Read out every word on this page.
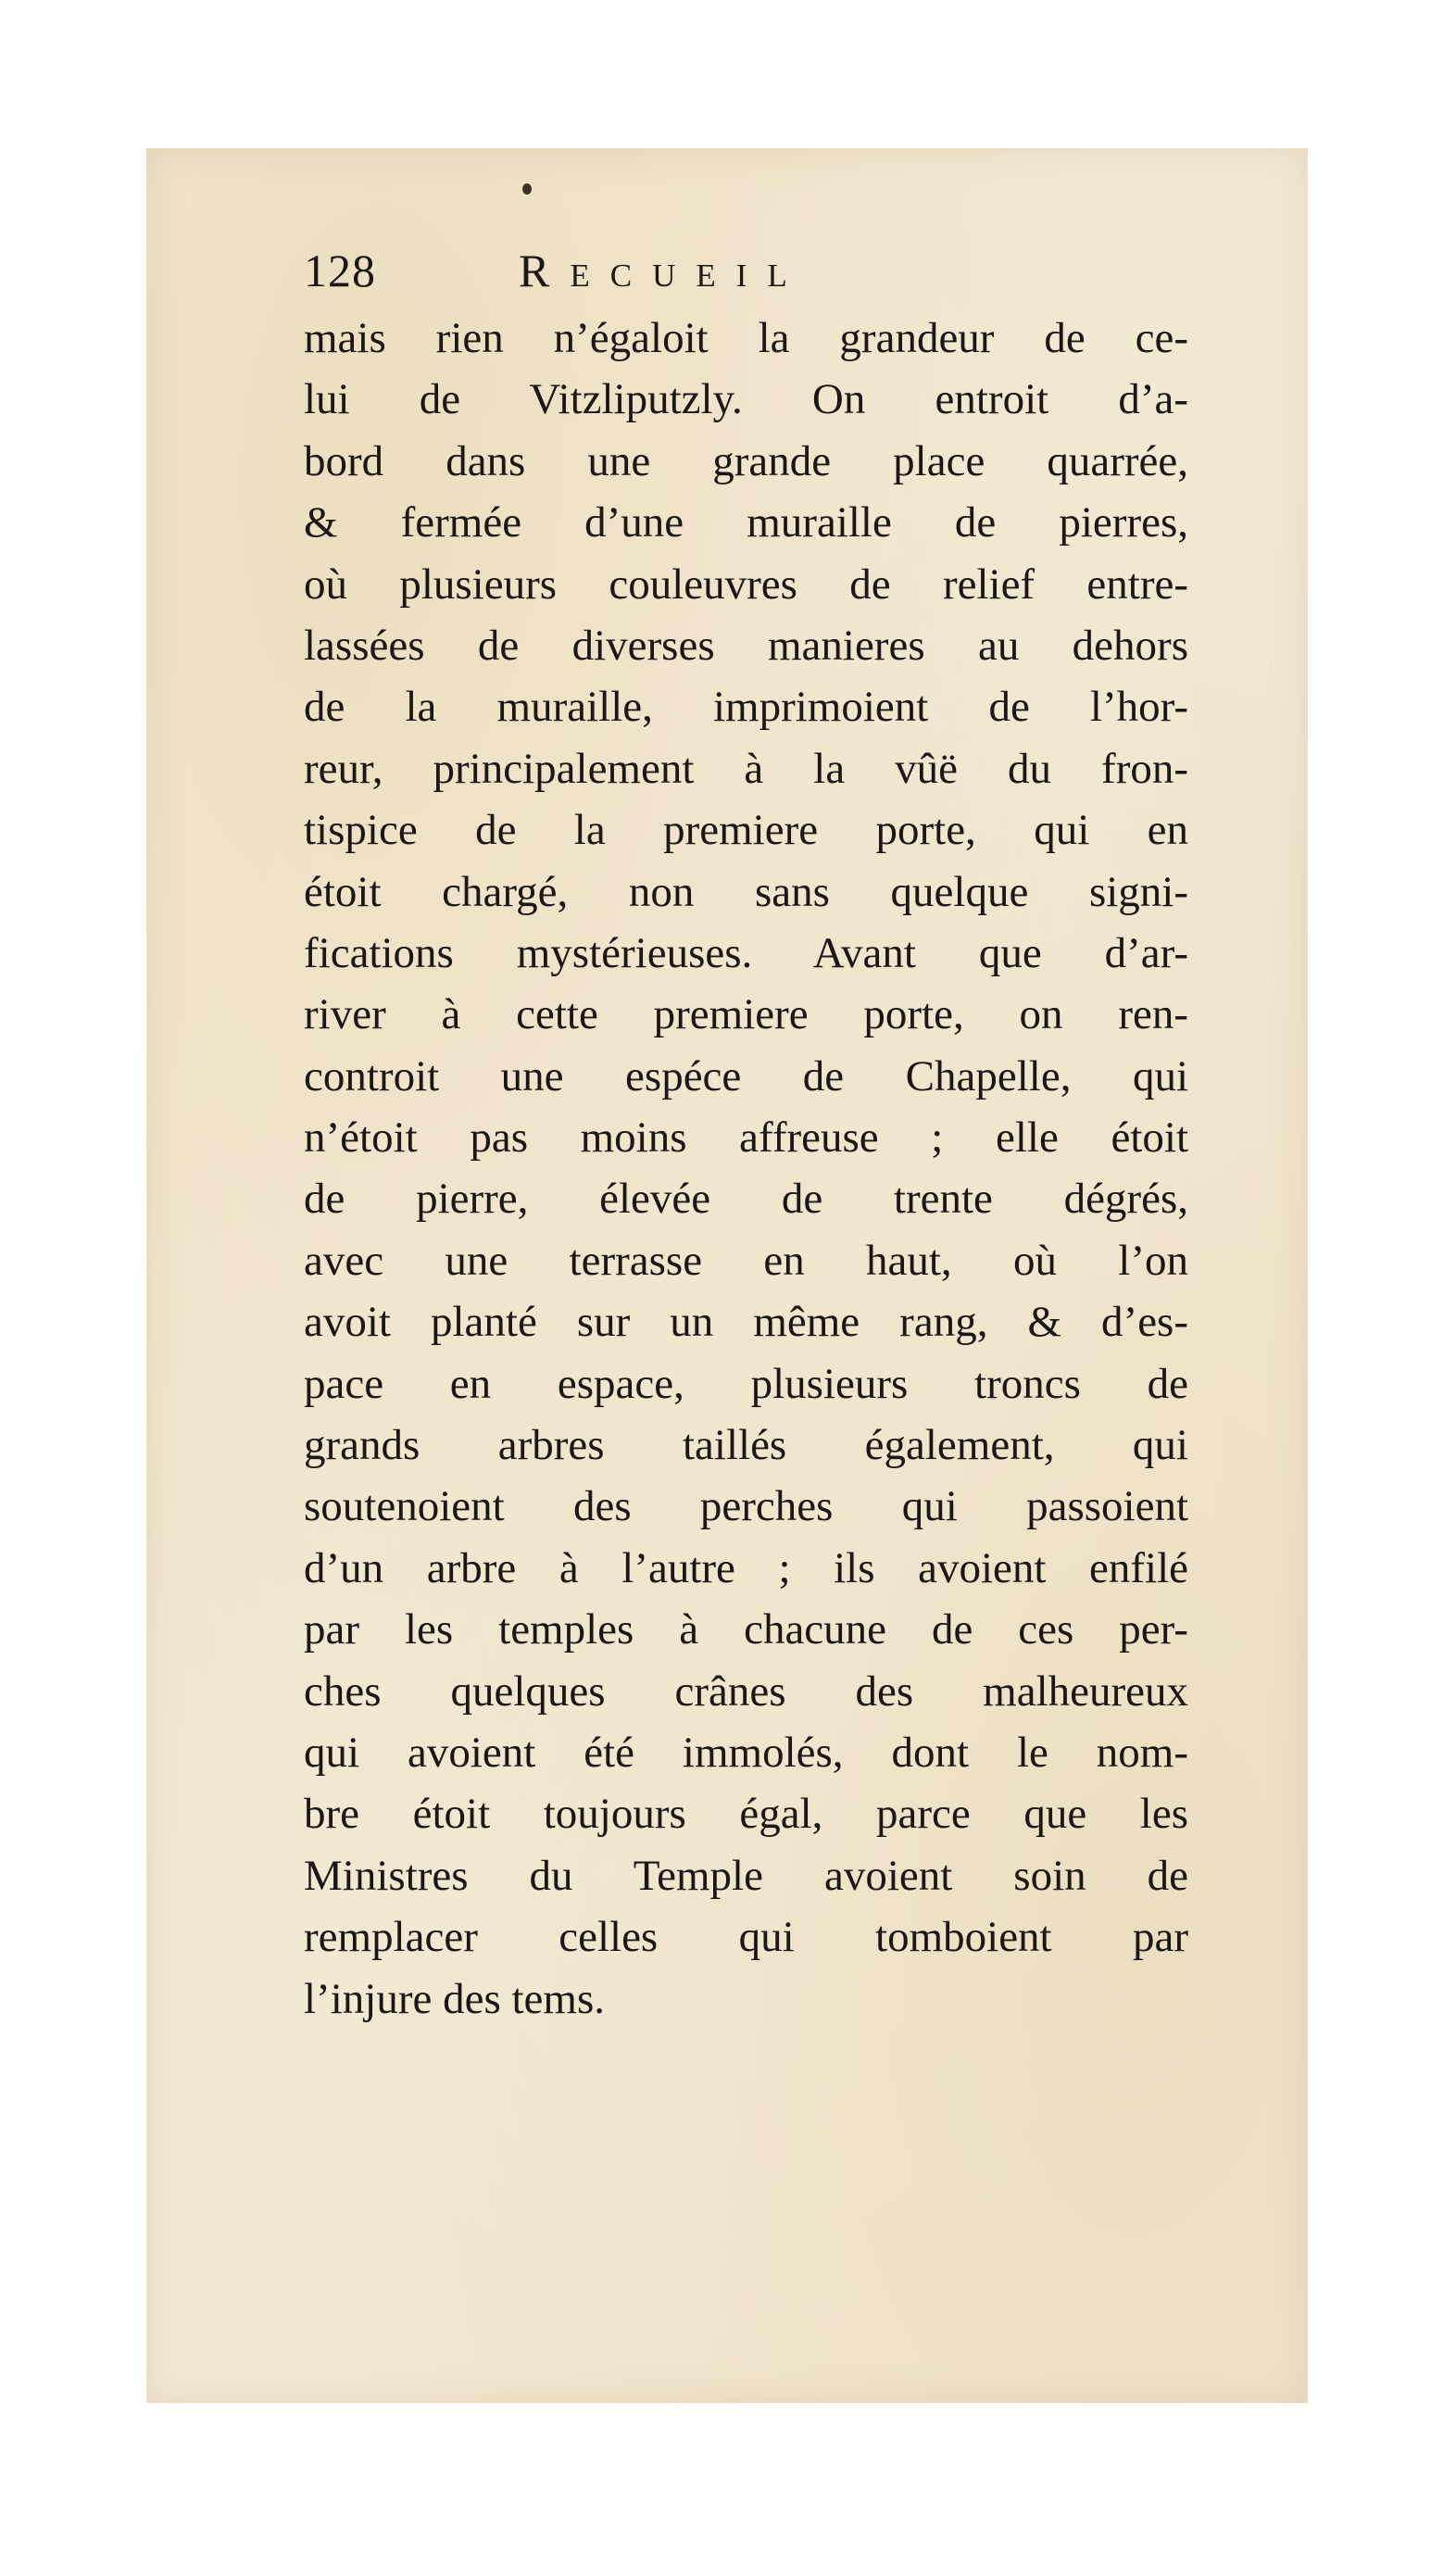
128	Recueil
mais rien n’égaloit la grandeur de ce-
lui de Vitzliputzly. On entroit d’a-
bord dans une grande place quarrée,
& fermée d’une muraille de pierres,
où plusieurs couleuvres de relief entre-
lassées de diverses manieres au dehors
de la muraille, imprimoient de l’hor-
reur, principalement à la vûë du fron-
tispice de la premiere porte, qui en
étoit chargé, non sans quelque signi-
fications mystérieuses. Avant que d’ar-
river à cette premiere porte, on ren-
controit une espéce de Chapelle, qui
n’étoit pas moins affreuse ; elle étoit
de pierre, élevée de trente dégrés,
avec une terrasse en haut, où l’on
avoit planté sur un même rang, & d’es-
pace en espace, plusieurs troncs de
grands arbres taillés également, qui
soutenoient des perches qui passoient
d’un arbre à l’autre ; ils avoient enfilé
par les temples à chacune de ces per-
ches quelques crânes des malheureux
qui avoient été immolés, dont le nom-
bre étoit toujours égal, parce que les
Ministres du Temple avoient soin de
remplacer celles qui tomboient par
l’injure des tems.
